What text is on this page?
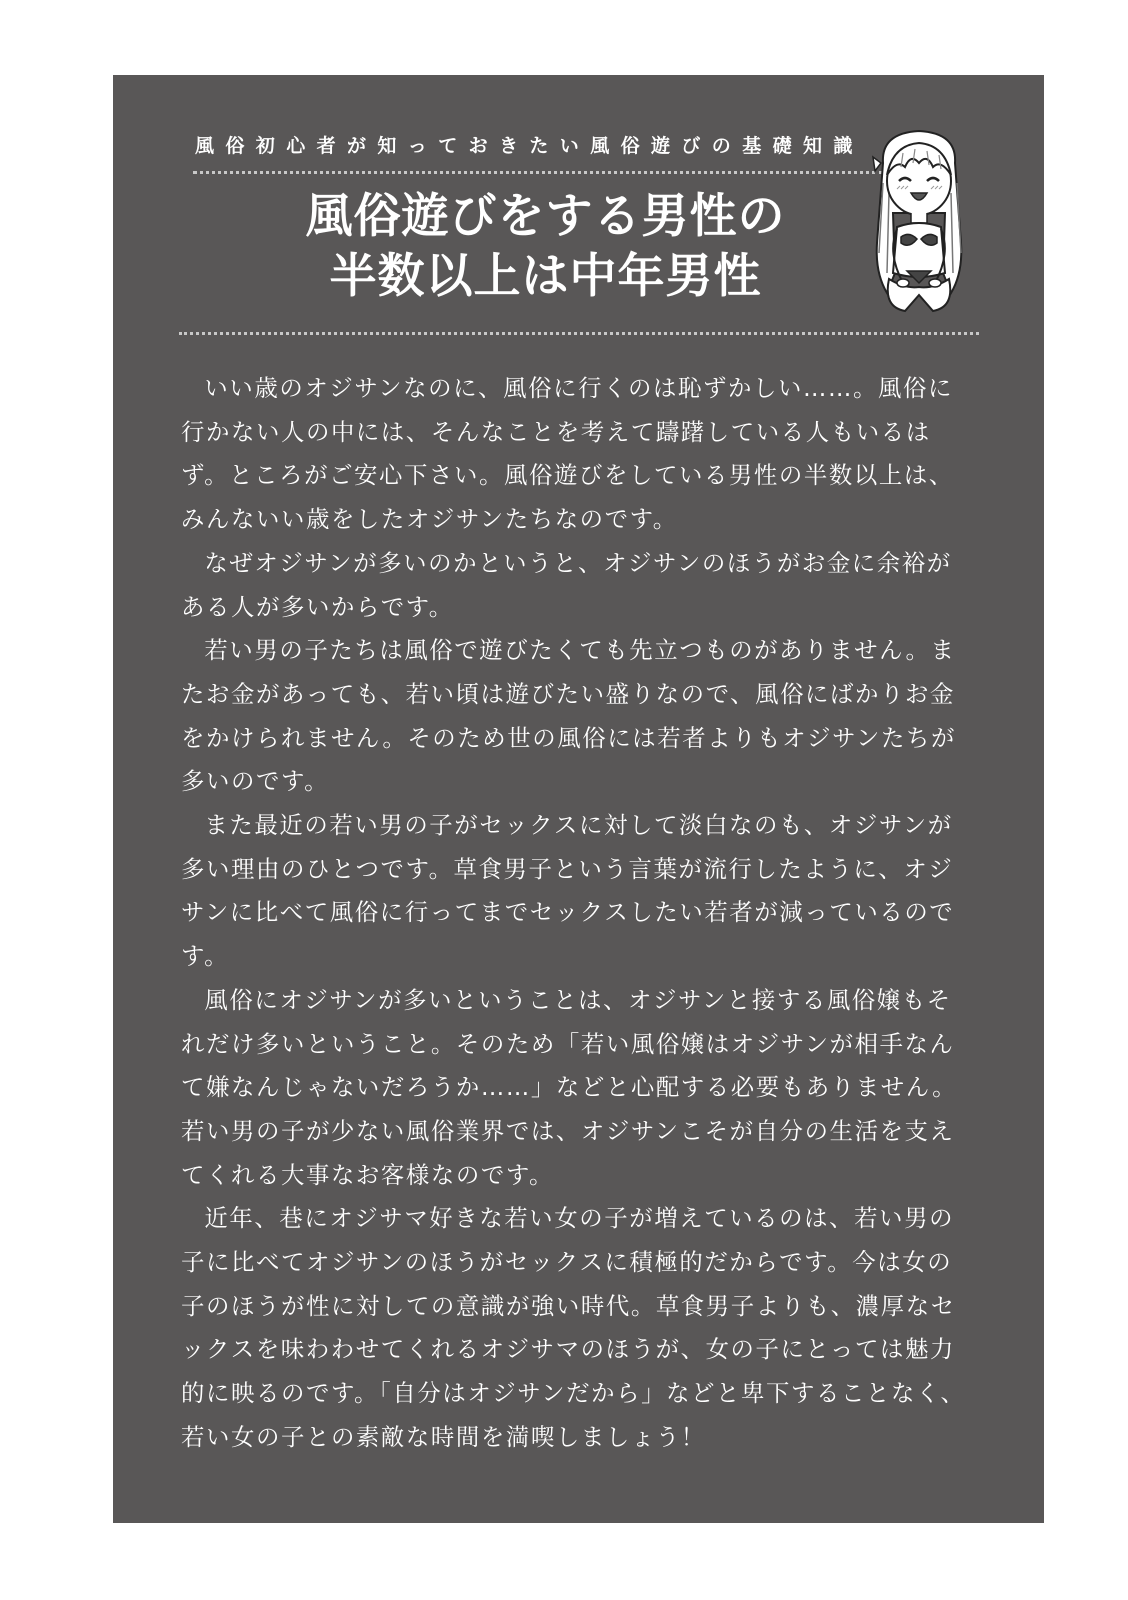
風俗初心者が知っておきたい風俗遊びの基礎知識
風俗遊びをする男性の
半数以上は中年男性

いい歳のオジサンなのに、風俗に行くのは恥ずかしい……。風俗に行かない人の中には、そんなことを考えて躊躇している人もいるはず。ところがご安心下さい。風俗遊びをしている男性の半数以上は、みんないい歳をしたオジサンたちなのです。

なぜオジサンが多いのかというと、オジサンのほうがお金に余裕がある人が多いからです。

若い男の子たちは風俗で遊びたくても先立つものがありません。またお金があっても、若い頃は遊びたい盛りなので、風俗にばかりお金をかけられません。そのため世の風俗には若者よりもオジサンたちが多いのです。

また最近の若い男の子がセックスに対して淡白なのも、オジサンが多い理由のひとつです。草食男子という言葉が流行したように、オジサンに比べて風俗に行ってまでセックスしたい若者が減っているのです。

風俗にオジサンが多いということは、オジサンと接する風俗嬢もそれだけ多いということ。そのため「若い風俗嬢はオジサンが相手なんて嫌なんじゃないだろうか……」などと心配する必要もありません。若い男の子が少ない風俗業界では、オジサンこそが自分の生活を支えてくれる大事なお客様なのです。

近年、巷にオジサマ好きな若い女の子が増えているのは、若い男の子に比べてオジサンのほうがセックスに積極的だからです。今は女の子のほうが性に対しての意識が強い時代。草食男子よりも、濃厚なセックスを味わわせてくれるオジサマのほうが、女の子にとっては魅力的に映るのです。「自分はオジサンだから」などと卑下することなく、若い女の子との素敵な時間を満喫しましょう！
